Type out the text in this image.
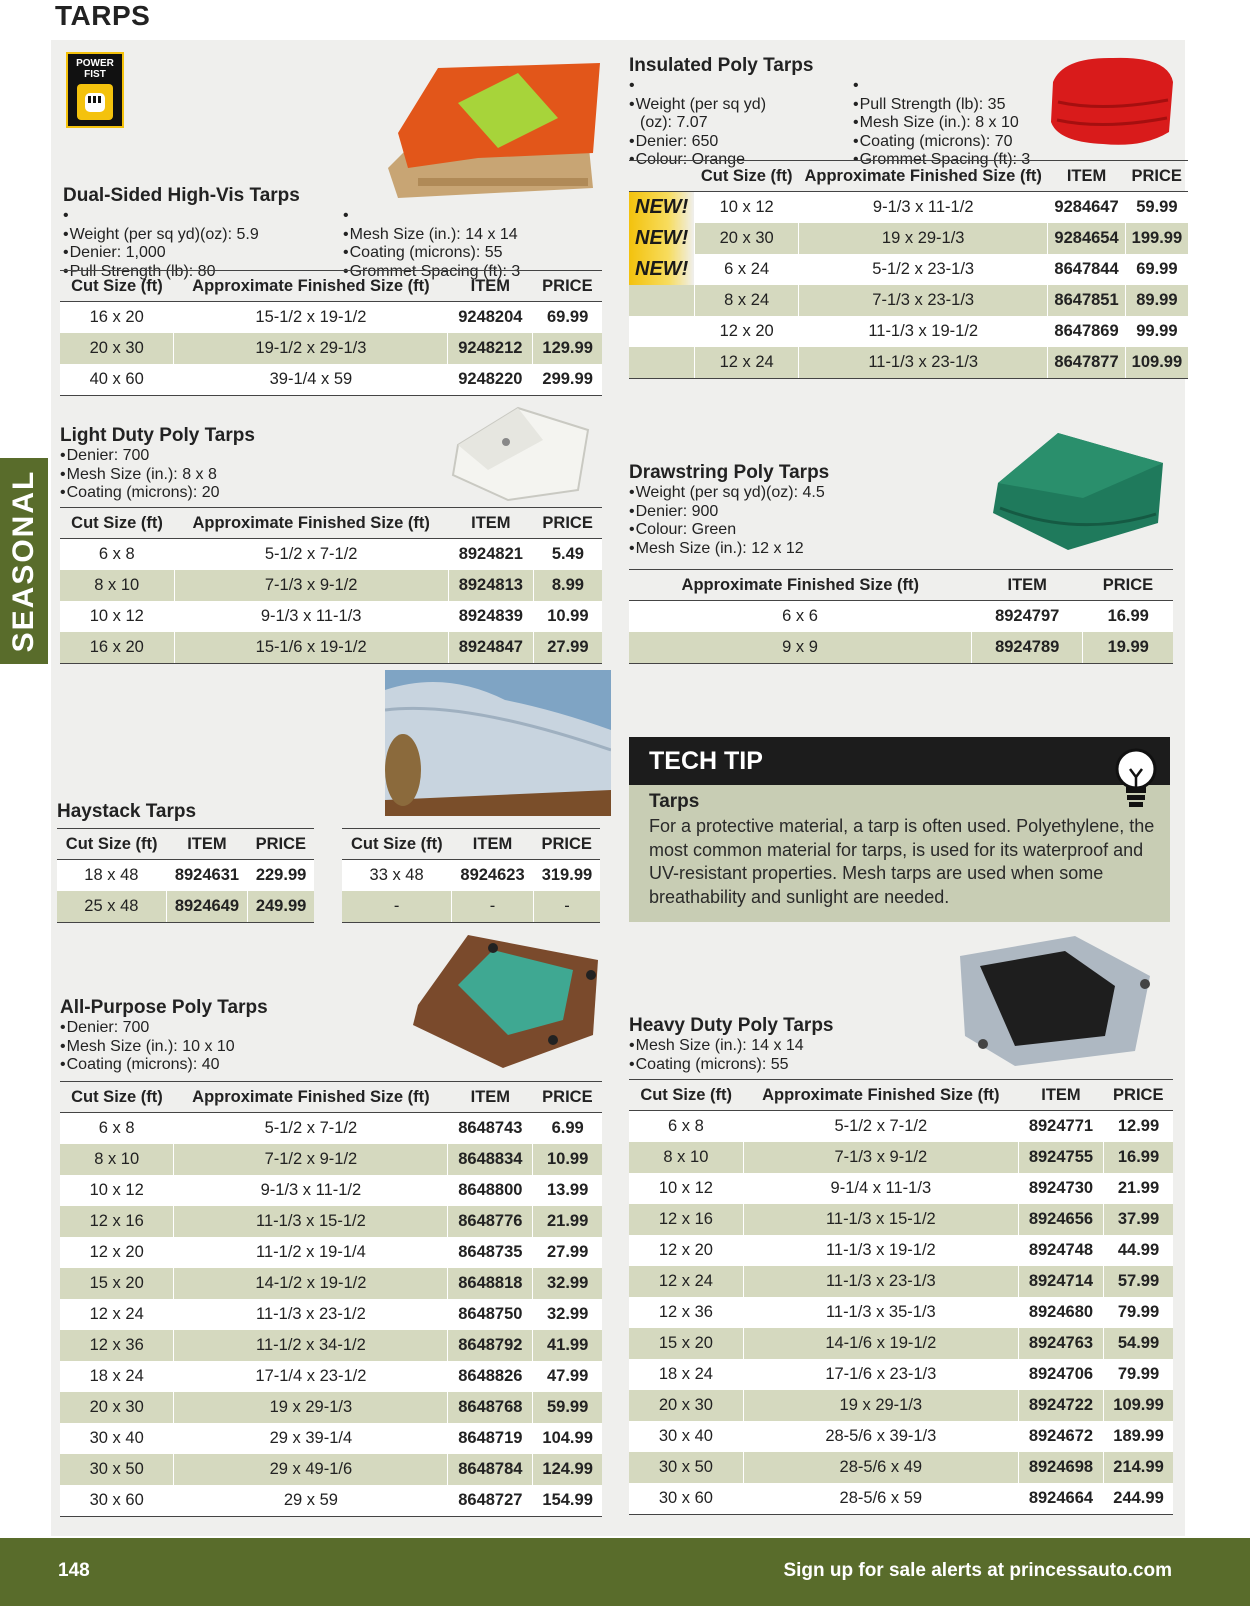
TARPS
SEASONAL
POWER FIST
Dual-Sided High-Vis Tarps
• • Weight (per sq yd)(oz): 5.9
• Denier: 1,000
• Pull Strength (lb): 80
• • Mesh Size (in.): 14 x 14
• Coating (microns): 55
• Grommet Spacing (ft): 3
Cut Size (ft)	Approximate Finished Size (ft)	ITEM	PRICE
16 x 20	15-1/2 x 19-1/2	9248204	69.99
20 x 30	19-1/2 x 29-1/3	9248212	129.99
40 x 60	39-1/4 x 59	9248220	299.99
Insulated Poly Tarps
• • Weight (per sq yd)
(oz): 7.07
• Denier: 650
• Colour: Orange
• • Pull Strength (lb): 35
• Mesh Size (in.): 8 x 10
• Coating (microns): 70
• Grommet Spacing (ft): 3
	Cut Size (ft)	Approximate Finished Size (ft)	ITEM	PRICE
NEW!	10 x 12	9-1/3 x 11-1/2	9284647	59.99
NEW!	20 x 30	19 x 29-1/3	9284654	199.99
NEW!	6 x 24	5-1/2 x 23-1/3	8647844	69.99
	8 x 24	7-1/3 x 23-1/3	8647851	89.99
	12 x 20	11-1/3 x 19-1/2	8647869	99.99
	12 x 24	11-1/3 x 23-1/3	8647877	109.99
Light Duty Poly Tarps
• Denier: 700
• Mesh Size (in.): 8 x 8
• Coating (microns): 20
Cut Size (ft)	Approximate Finished Size (ft)	ITEM	PRICE
6 x 8	5-1/2 x 7-1/2	8924821	5.49
8 x 10	7-1/3 x 9-1/2	8924813	8.99
10 x 12	9-1/3 x 11-1/3	8924839	10.99
16 x 20	15-1/6 x 19-1/2	8924847	27.99
Drawstring Poly Tarps
• Weight (per sq yd)(oz): 4.5
• Denier: 900
• Colour: Green
• Mesh Size (in.): 12 x 12
Approximate Finished Size (ft)	ITEM	PRICE
6 x 6	8924797	16.99
9 x 9	8924789	19.99
Haystack Tarps
Cut Size (ft)	ITEM	PRICE
18 x 48	8924631	229.99
25 x 48	8924649	249.99
Cut Size (ft)	ITEM	PRICE
33 x 48	8924623	319.99
-	-	-
TECH TIP
Tarps
For a protective material, a tarp is often used. Polyethylene, the most common material for tarps, is used for its waterproof and UV-resistant properties. Mesh tarps are used when some breathability and sunlight are needed.
All-Purpose Poly Tarps
• Denier: 700
• Mesh Size (in.): 10 x 10
• Coating (microns): 40
Cut Size (ft)	Approximate Finished Size (ft)	ITEM	PRICE
6 x 8	5-1/2 x 7-1/2	8648743	6.99
8 x 10	7-1/2 x 9-1/2	8648834	10.99
10 x 12	9-1/3 x 11-1/2	8648800	13.99
12 x 16	11-1/3 x 15-1/2	8648776	21.99
12 x 20	11-1/2 x 19-1/4	8648735	27.99
15 x 20	14-1/2 x 19-1/2	8648818	32.99
12 x 24	11-1/3 x 23-1/2	8648750	32.99
12 x 36	11-1/2 x 34-1/2	8648792	41.99
18 x 24	17-1/4 x 23-1/2	8648826	47.99
20 x 30	19 x 29-1/3	8648768	59.99
30 x 40	29 x 39-1/4	8648719	104.99
30 x 50	29 x 49-1/6	8648784	124.99
30 x 60	29 x 59	8648727	154.99
Heavy Duty Poly Tarps
• Mesh Size (in.): 14 x 14
• Coating (microns): 55
Cut Size (ft)	Approximate Finished Size (ft)	ITEM	PRICE
6 x 8	5-1/2 x 7-1/2	8924771	12.99
8 x 10	7-1/3 x 9-1/2	8924755	16.99
10 x 12	9-1/4 x 11-1/3	8924730	21.99
12 x 16	11-1/3 x 15-1/2	8924656	37.99
12 x 20	11-1/3 x 19-1/2	8924748	44.99
12 x 24	11-1/3 x 23-1/3	8924714	57.99
12 x 36	11-1/3 x 35-1/3	8924680	79.99
15 x 20	14-1/6 x 19-1/2	8924763	54.99
18 x 24	17-1/6 x 23-1/3	8924706	79.99
20 x 30	19 x 29-1/3	8924722	109.99
30 x 40	28-5/6 x 39-1/3	8924672	189.99
30 x 50	28-5/6 x 49	8924698	214.99
30 x 60	28-5/6 x 59	8924664	244.99
148	Sign up for sale alerts at princessauto.com
